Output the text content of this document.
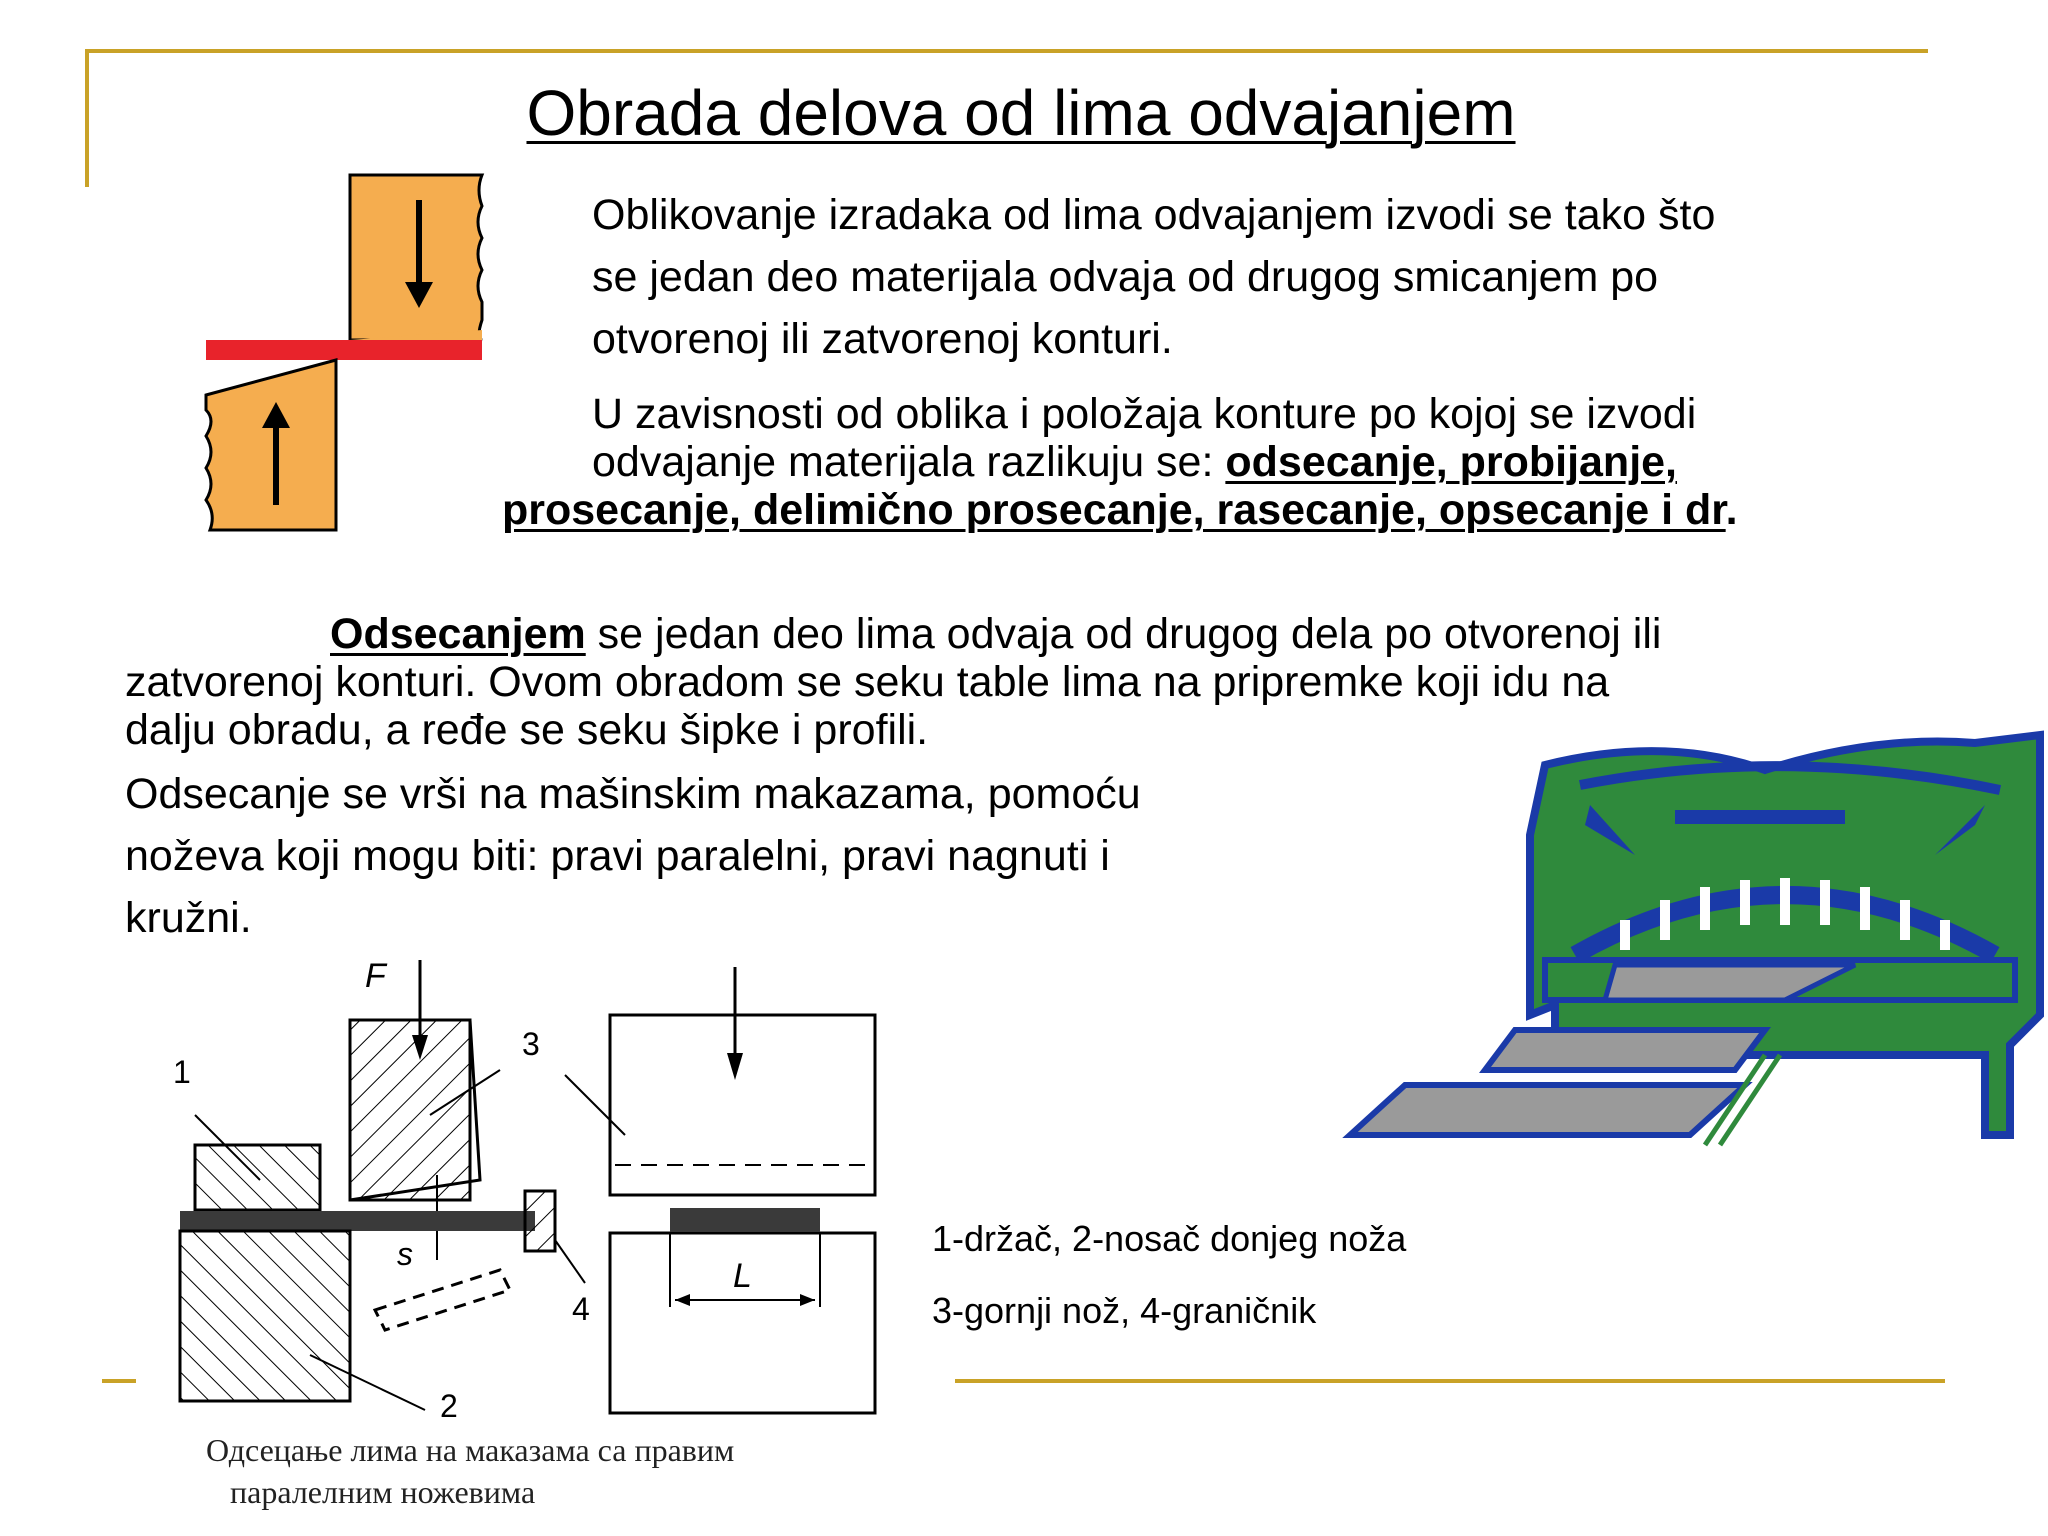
Obrada delova od lima odvajanjem
Oblikovanje izradaka od lima odvajanjem izvodi se tako što
se jedan deo materijala odvaja od drugog smicanjem po
otvorenoj ili zatvorenoj konturi.
U zavisnosti od oblika i položaja konture po kojoj se izvodi
odvajanje materijala razlikuju se: odsecanje, probijanje,
prosecanje, delimično prosecanje, rasecanje, opsecanje i dr.
Odsecanjem se jedan deo lima odvaja od drugog dela po otvorenoj ili
zatvorenoj konturi. Ovom obradom se seku table lima na pripremke koji idu na
dalju obradu, a ređe se seku šipke i profili.
Odsecanje se vrši na mašinskim makazama, pomoću
noževa koji mogu biti: pravi paralelni, pravi nagnuti i
kružni.
F
1
3
s
4
2
L
Одсецање лима на маказама са правим
паралелним ножевима
1-držač, 2-nosač donjeg noža
3-gornji nož, 4-graničnik
